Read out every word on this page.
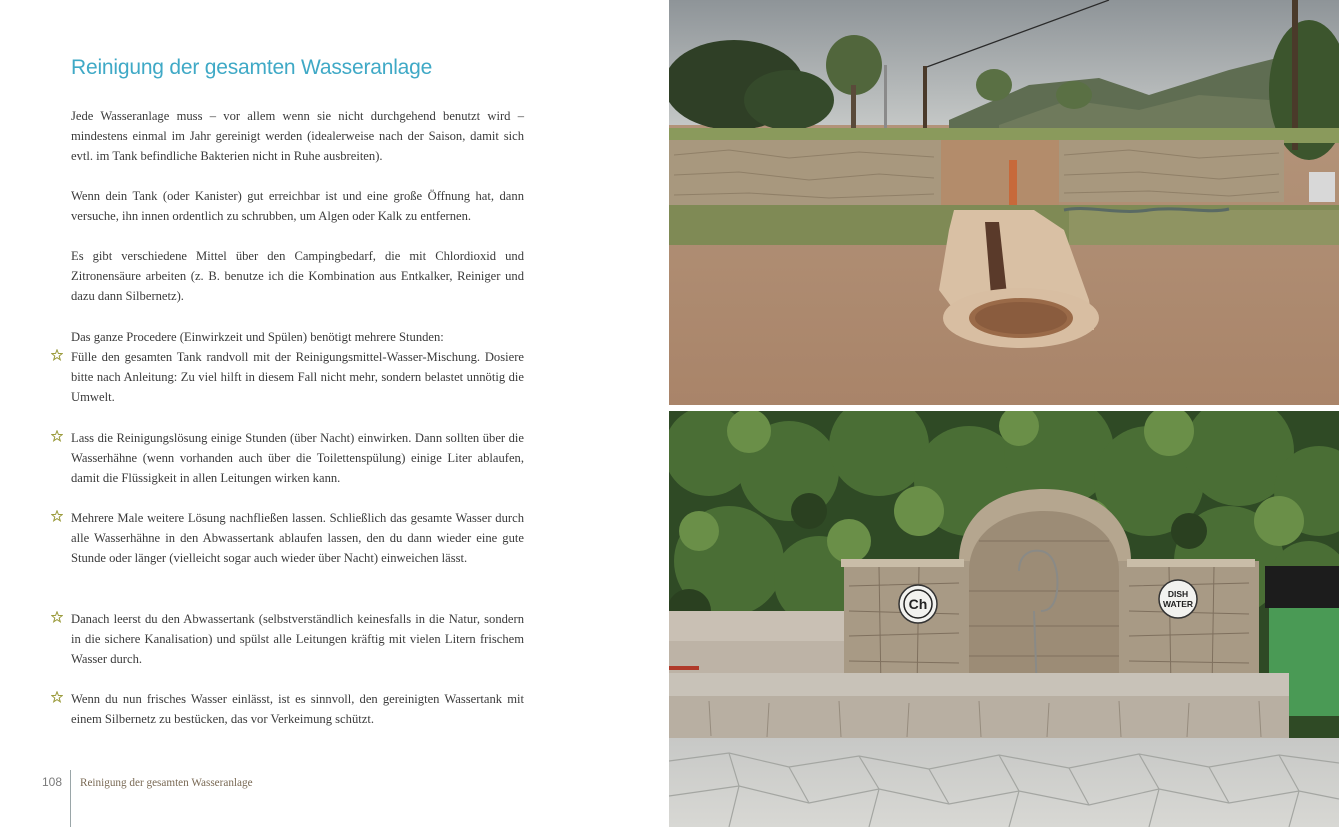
Reinigung der gesamten Wasseranlage

Jede Wasseranlage muss – vor allem wenn sie nicht durchgehend benutzt wird – mindestens einmal im Jahr gereinigt werden (idealerweise nach der Saison, damit sich evtl. im Tank befindliche Bakterien nicht in Ruhe ausbreiten).

Wenn dein Tank (oder Kanister) gut erreichbar ist und eine große Öffnung hat, dann versuche, ihn innen ordentlich zu schrubben, um Algen oder Kalk zu entfernen.

Es gibt verschiedene Mittel über den Campingbedarf, die mit Chlordioxid und Zitronensäure arbeiten (z. B. benutze ich die Kombination aus Entkalker, Reiniger und dazu dann Silbernetz).

Das ganze Procedere (Einwirkzeit und Spülen) benötigt mehrere Stunden:

Fülle den gesamten Tank randvoll mit der Reinigungsmittel-Wasser-Mischung. Dosiere bitte nach Anleitung: Zu viel hilft in diesem Fall nicht mehr, sondern belastet unnötig die Umwelt.

Lass die Reinigungslösung einige Stunden (über Nacht) einwirken. Dann sollten über die Wasserhähne (wenn vorhanden auch über die Toilettenspülung) einige Liter ablaufen, damit die Flüssigkeit in allen Leitungen wirken kann.

Mehrere Male weitere Lösung nachfließen lassen. Schließlich das gesamte Wasser durch alle Wasserhähne in den Abwassertank ablaufen lassen, den du dann wieder eine gute Stunde oder länger (vielleicht sogar auch wieder über Nacht) einweichen lässt.

Danach leerst du den Abwassertank (selbstverständlich keinesfalls in die Natur, sondern in die sichere Kanalisation) und spülst alle Leitungen kräftig mit vielen Litern frischem Wasser durch.

Wenn du nun frisches Wasser einlässt, ist es sinnvoll, den gereinigten Wassertank mit einem Silbernetz zu bestücken, das vor Verkeimung schützt.

108 Reinigung der gesamten Wasseranlage
Ch
DISH
WATER
